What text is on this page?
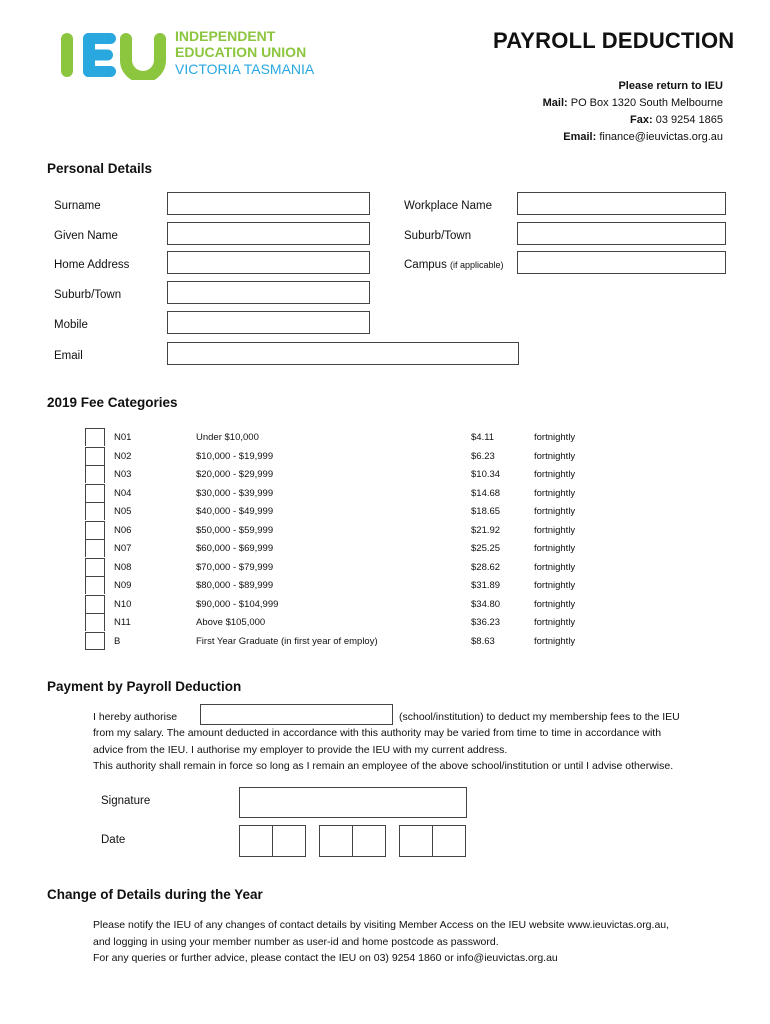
INDEPENDENT
EDUCATION UNION
VICTORIA TASMANIA
PAYROLL DEDUCTION
Please return to IEU
Mail: PO Box 1320 South Melbourne
Fax: 03 9254 1865
Email: finance@ieuvictas.org.au
Personal Details
Surname
Given Name
Home Address
Suburb/Town
Mobile
Email
Workplace Name
Suburb/Town
Campus (if applicable)
2019 Fee Categories
N01	Under $10,000	$4.11	fortnightly
N02	$10,000 - $19,999	$6.23	fortnightly
N03	$20,000 - $29,999	$10.34	fortnightly
N04	$30,000 - $39,999	$14.68	fortnightly
N05	$40,000 - $49,999	$18.65	fortnightly
N06	$50,000 - $59,999	$21.92	fortnightly
N07	$60,000 - $69,999	$25.25	fortnightly
N08	$70,000 - $79,999	$28.62	fortnightly
N09	$80,000 - $89,999	$31.89	fortnightly
N10	$90,000 - $104,999	$34.80	fortnightly
N11	Above $105,000	$36.23	fortnightly
B	First Year Graduate (in first year of employ)	$8.63	fortnightly
Payment by Payroll Deduction
I hereby authorise	(school/institution) to deduct my membership fees to the IEU
from my salary. The amount deducted in accordance with this authority may be varied from time to time in accordance with
advice from the IEU. I authorise my employer to provide the IEU with my current address.
This authority shall remain in force so long as I remain an employee of the above school/institution or until I advise otherwise.
Signature
Date
Change of Details during the Year
Please notify the IEU of any changes of contact details by visiting Member Access on the IEU website www.ieuvictas.org.au,
and logging in using your member number as user-id and home postcode as password.
For any queries or further advice, please contact the IEU on 03) 9254 1860 or info@ieuvictas.org.au
